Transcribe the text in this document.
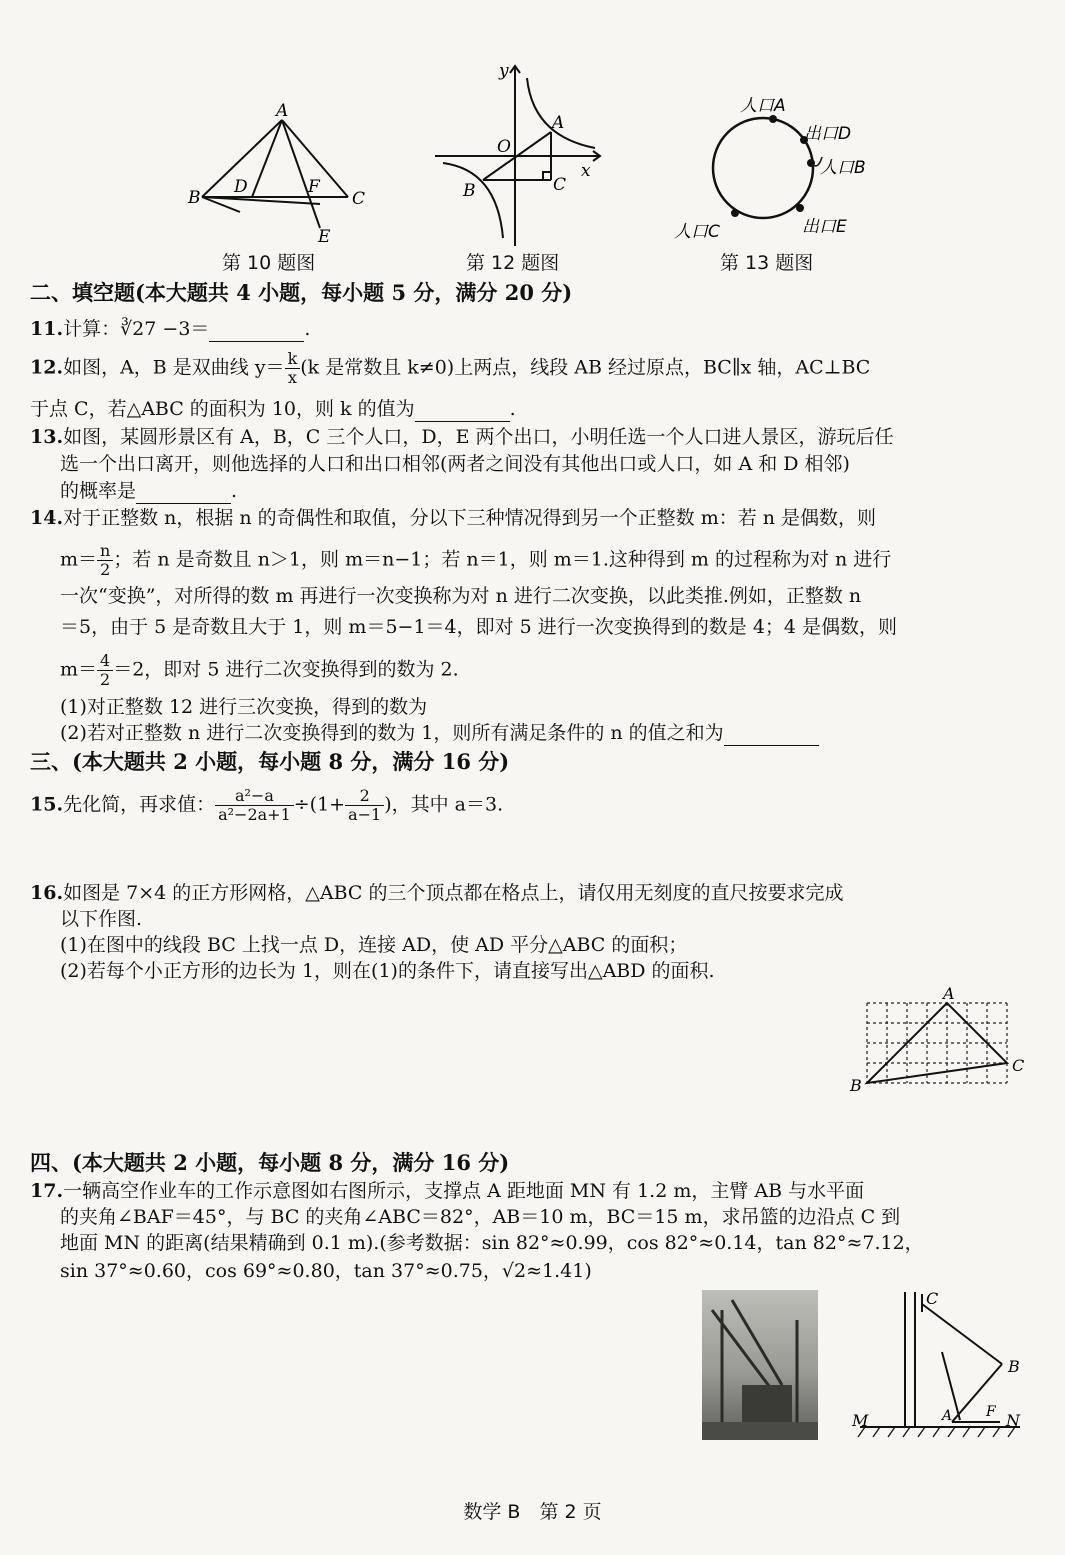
A
B
D	F
C
E
第 10 题图
y
x
O
A
B	C
第 12 题图
人口A
出口D
人口B
出口E
人口C
第 13 题图
二、填空题(本大题共 4 小题，每小题 5 分，满分 20 分)
11.计算：∛27 −3＝	.
12.如图，A，B 是双曲线 $y= \frac{k}{x} (k$ 是常数且 k≠0)上两点，线段 AB 经过原点，BC∥x 轴，AC⊥BC
于点 C，若△ABC 的面积为 10，则 k 的值为	.
13.如图，某圆形景区有 A，B，C 三个人口，D，E 两个出口，小明任选一个人口进人景区，游玩后任
选一个出口离开，则他选择的人口和出口相邻(两者之间没有其他出口或人口，如 A 和 D 相邻)
的概率是	.
14.对于正整数 n，根据 n 的奇偶性和取值，分以下三种情况得到另一个正整数 m：若 n 是偶数，则
$m= \frac{n}{2}$ ；若 n 是奇数且 n＞1，则 m＝n−1；若 n＝1，则 m＝1.这种得到 m 的过程称为对 n 进行
一次“变换”，对所得的数 m 再进行一次变换称为对 n 进行二次变换，以此类推.例如，正整数 n
＝5，由于 5 是奇数且大于 1，则 m＝5−1＝4，即对 5 进行一次变换得到的数是 4；4 是偶数，则
$m= \frac{4}{2} =2$，即对 5 进行二次变换得到的数为 2.
(1)对正整数 12 进行三次变换，得到的数为
(2)若对正整数 n 进行二次变换得到的数为 1，则所有满足条件的 n 的值之和为
三、(本大题共 2 小题，每小题 8 分，满分 16 分)
15.先化简，再求值： $\frac{\text{a²−a}}{\text{a²−2a+1}} \div(1+ \frac{2}{a-1}$ )，其中 a＝3.
16.如图是 7×4 的正方形网格，△ABC 的三个顶点都在格点上，请仅用无刻度的直尺按要求完成
以下作图.
(1)在图中的线段 BC 上找一点 D，连接 AD，使 AD 平分△ABC 的面积；
(2)若每个小正方形的边长为 1，则在(1)的条件下，请直接写出△ABD 的面积.
A
B
C
四、(本大题共 2 小题，每小题 8 分，满分 16 分)
17.一辆高空作业车的工作示意图如右图所示，支撑点 A 距地面 MN 有 1.2 m，主臂 AB 与水平面
的夹角∠BAF＝45°，与 BC 的夹角∠ABC＝82°，AB＝10 m，BC＝15 m，求吊篮的边沿点 C 到
地面 MN 的距离(结果精确到 0.1 m).(参考数据：sin 82°≈0.99，cos 82°≈0.14，tan 82°≈7.12，
sin 37°≈0.60，cos 69°≈0.80，tan 37°≈0.75，√2≈1.41)
C
B
M	A F N
数学 B　第 2 页
